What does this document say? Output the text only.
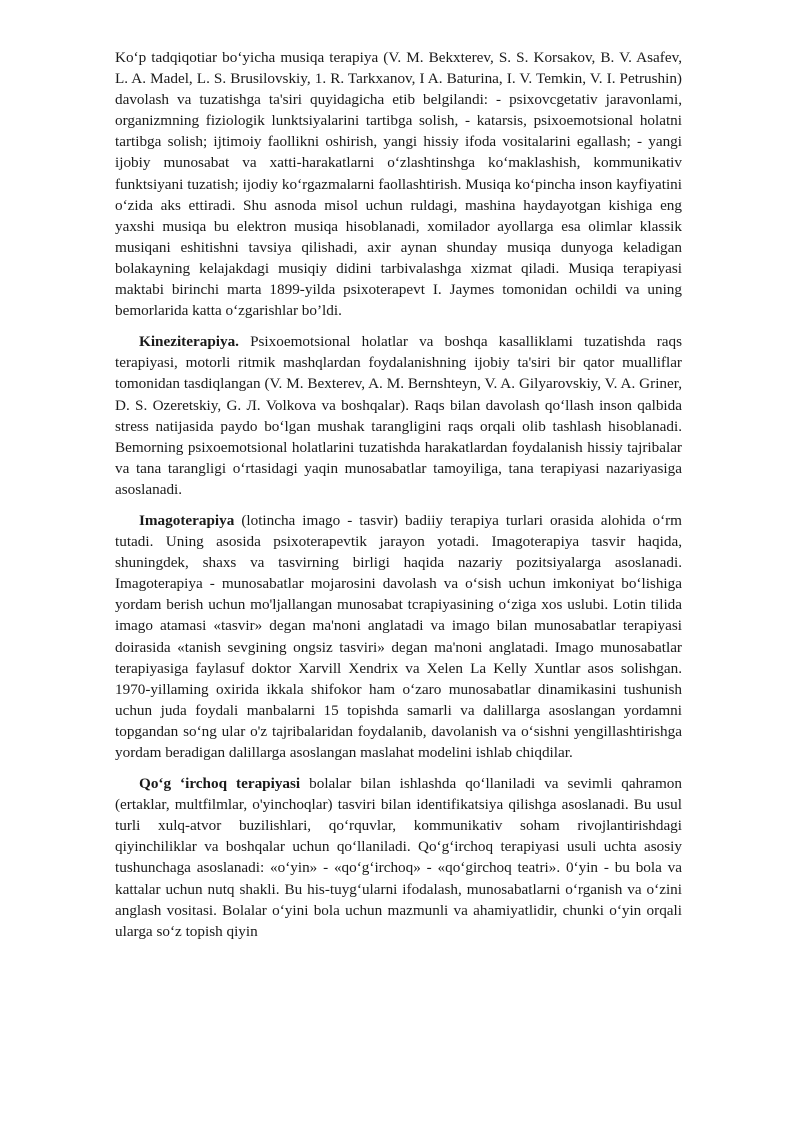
Ko‘p tadqiqotiar bo‘yicha musiqa terapiya (V. M. Bekxterev, S. S. Korsakov, B. V. Asafev, L. A. Madel, L. S. Brusilovskiy, 1. R. Tarkxanov, I A. Baturina, I. V. Temkin, V. I. Petrushin) davolash va tuzatishga ta'siri quyidagicha etib belgilandi: - psixovcgetativ jaravonlami, organizmning fiziologik lunktsiyalarini tartibga solish, - katarsis, psixoemotsional holatni tartibga solish; ijtimoiy faollikni oshirish, yangi hissiy ifoda vositalarini egallash; - yangi ijobiy munosabat va xatti-harakatlarni o‘zlashtinshga ko‘maklashish, kommunikativ funktsiyani tuzatish; ijodiy ko‘rgazmalarni faollashtirish. Musiqa ko‘pincha inson kayfiyatini o‘zida aks ettiradi. Shu asnoda misol uchun ruldagi, mashina haydayotgan kishiga eng yaxshi musiqa bu elektron musiqa hisoblanadi, xomilador ayollarga esa olimlar klassik musiqani eshitishni tavsiya qilishadi, axir aynan shunday musiqa dunyoga keladigan bolakayning kelajakdagi musiqiy didini tarbivalashga xizmat qiladi. Musiqa terapiyasi maktabi birinchi marta 1899-yilda psixoterapevt I. Jaymes tomonidan ochildi va uning bemorlarida katta o‘zgarishlar bo’ldi.

Kineziterapiya. Psixoemotsional holatlar va boshqa kasalliklami tuzatishda raqs terapiyasi, motorli ritmik mashqlardan foydalanishning ijobiy ta'siri bir qator mualliflar tomonidan tasdiqlangan (V. M. Bexterev, A. M. Bernshteyn, V. A. Gilyarovskiy, V. A. Griner, D. S. Ozeretskiy, G. Л. Volkova va boshqalar). Raqs bilan davolash qo‘llash inson qalbida stress natijasida paydo bo‘lgan mushak tarangligini raqs orqali olib tashlash hisoblanadi. Bemorning psixoemotsional holatlarini tuzatishda harakatlardan foydalanish hissiy tajribalar va tana tarangligi o‘rtasidagi yaqin munosabatlar tamoyiliga, tana terapiyasi nazariyasiga asoslanadi.

Imagoterapiya (lotincha imago - tasvir) badiiy terapiya turlari orasida alohida o‘rm tutadi. Uning asosida psixoterapevtik jarayon yotadi. Imagoterapiya tasvir haqida, shuningdek, shaxs va tasvirning birligi haqida nazariy pozitsiyalarga asoslanadi. Imagoterapiya - munosabatlar mojarosini davolash va o‘sish uchun imkoniyat bo‘lishiga yordam berish uchun mo'ljallangan munosabat tcrapiyasining o‘ziga xos uslubi. Lotin tilida imago atamasi «tasvir» degan ma'noni anglatadi va imago bilan munosabatlar terapiyasi doirasida «tanish sevgining ongsiz tasviri» degan ma'noni anglatadi. Imago munosabatlar terapiyasiga faylasuf doktor Xarvill Xendrix va Xelen La Kelly Xuntlar asos solishgan. 1970-yillaming oxirida ikkala shifokor ham o‘zaro munosabatlar dinamikasini tushunish uchun juda foydali manbalarni 15 topishda samarli va dalillarga asoslangan yordamni topgandan so‘ng ular o'z tajribalaridan foydalanib, davolanish va o‘sishni yengillashtirishga yordam beradigan dalillarga asoslangan maslahat modelini ishlab chiqdilar.

Qo‘g ‘irchoq terapiyasi bolalar bilan ishlashda qo‘llaniladi va sevimli qahramon (ertaklar, multfilmlar, o'yinchoqlar) tasviri bilan identifikatsiya qilishga asoslanadi. Bu usul turli xulq-atvor buzilishlari, qo‘rquvlar, kommunikativ soham rivojlantirishdagi qiyinchiliklar va boshqalar uchun qo‘llaniladi. Qo‘g‘irchoq terapiyasi usuli uchta asosiy tushunchaga asoslanadi: «o‘yin» - «qo‘g‘irchoq» - «qo‘girchoq teatri». 0‘yin - bu bola va kattalar uchun nutq shakli. Bu his-tuyg‘ularni ifodalash, munosabatlarni o‘rganish va o‘zini anglash vositasi. Bolalar o‘yini bola uchun mazmunli va ahamiyatlidir, chunki o‘yin orqali ularga so‘z topish qiyin
